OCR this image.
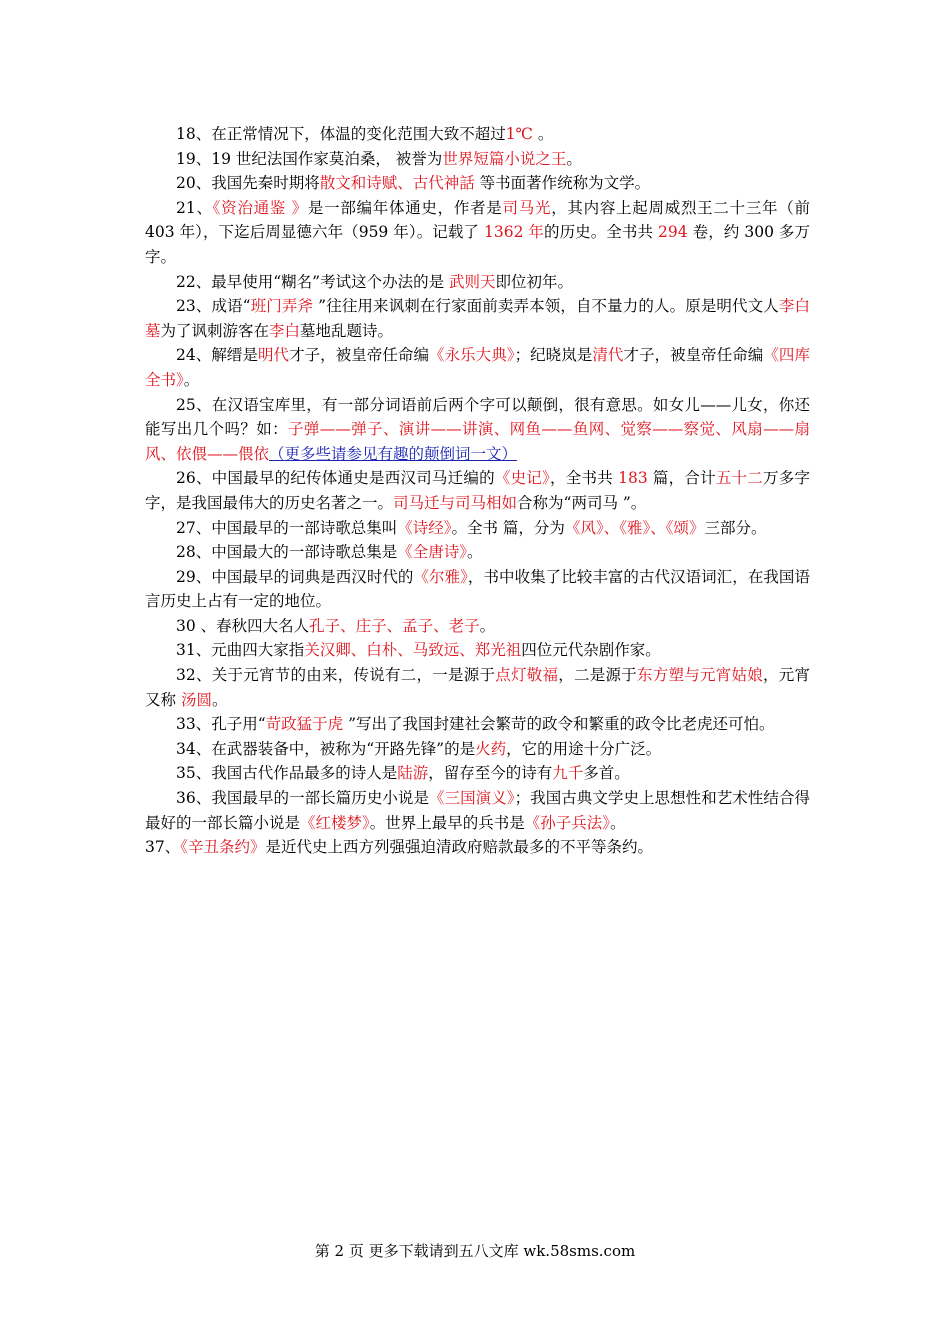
18、在正常情况下，体温的变化范围大致不超过1℃ 。

19、19 世纪法国作家莫泊桑， 被誉为世界短篇小说之王。

20、我国先秦时期将散文和诗赋、古代神話 等书面著作统称为文学。

21、《资治通鉴 》是一部编年体通史，作者是司马光，其内容上起周威烈王二十三年（前 403 年），下迄后周显德六年（959 年）。记载了 1362 年的历史。全书共 294 卷，约 300 多万字。

22、最早使用“糊名”考试这个办法的是 武则天即位初年。

23、成语“班门弄斧 ”往往用来讽刺在行家面前卖弄本领，自不量力的人。原是明代文人李白墓为了讽刺游客在李白墓地乱题诗。

24、解缙是明代才子，被皇帝任命编《永乐大典》；纪晓岚是清代才子，被皇帝任命编《四库全书》。

25、在汉语宝库里，有一部分词语前后两个字可以颠倒，很有意思。如女儿——儿女，你还能写出几个吗？如：子弹——弹子、演讲——讲演、网鱼——鱼网、觉察——察觉、风扇——扇风、依偎——偎依（更多些请参见有趣的颠倒词一文）

26、中国最早的纪传体通史是西汉司马迁编的《史记》，全书共 183 篇，合计五十二万多字字，是我国最伟大的历史名著之一。司马迁与司马相如合称为“两司马 ”。

27、中国最早的一部诗歌总集叫《诗经》。全书 篇，分为《风》、《雅》、《颂》三部分。

28、中国最大的一部诗歌总集是《全唐诗》。

29、中国最早的词典是西汉时代的《尔雅》，书中收集了比较丰富的古代汉语词汇，在我国语言历史上占有一定的地位。

30 、春秋四大名人孔子、庄子、孟子、老子。

31、元曲四大家指关汉卿、白朴、马致远、郑光祖四位元代杂剧作家。

32、关于元宵节的由来，传说有二，一是源于点灯敬福，二是源于东方塑与元宵姑娘，元宵又称 汤圆。

33、孔子用“苛政猛于虎 ”写出了我国封建社会繁苛的政令和繁重的政令比老虎还可怕。

34、在武器装备中，被称为“开路先锋”的是火药，它的用途十分广泛。

35、我国古代作品最多的诗人是陆游，留存至今的诗有九千多首。

36、我国最早的一部长篇历史小说是《三国演义》；我国古典文学史上思想性和艺术性结合得最好的一部长篇小说是《红楼梦》。世界上最早的兵书是《孙子兵法》。

37、《辛丑条约》是近代史上西方列强强迫清政府赔款最多的不平等条约。

第 2 页 更多下载请到五八文库 wk.58sms.com
